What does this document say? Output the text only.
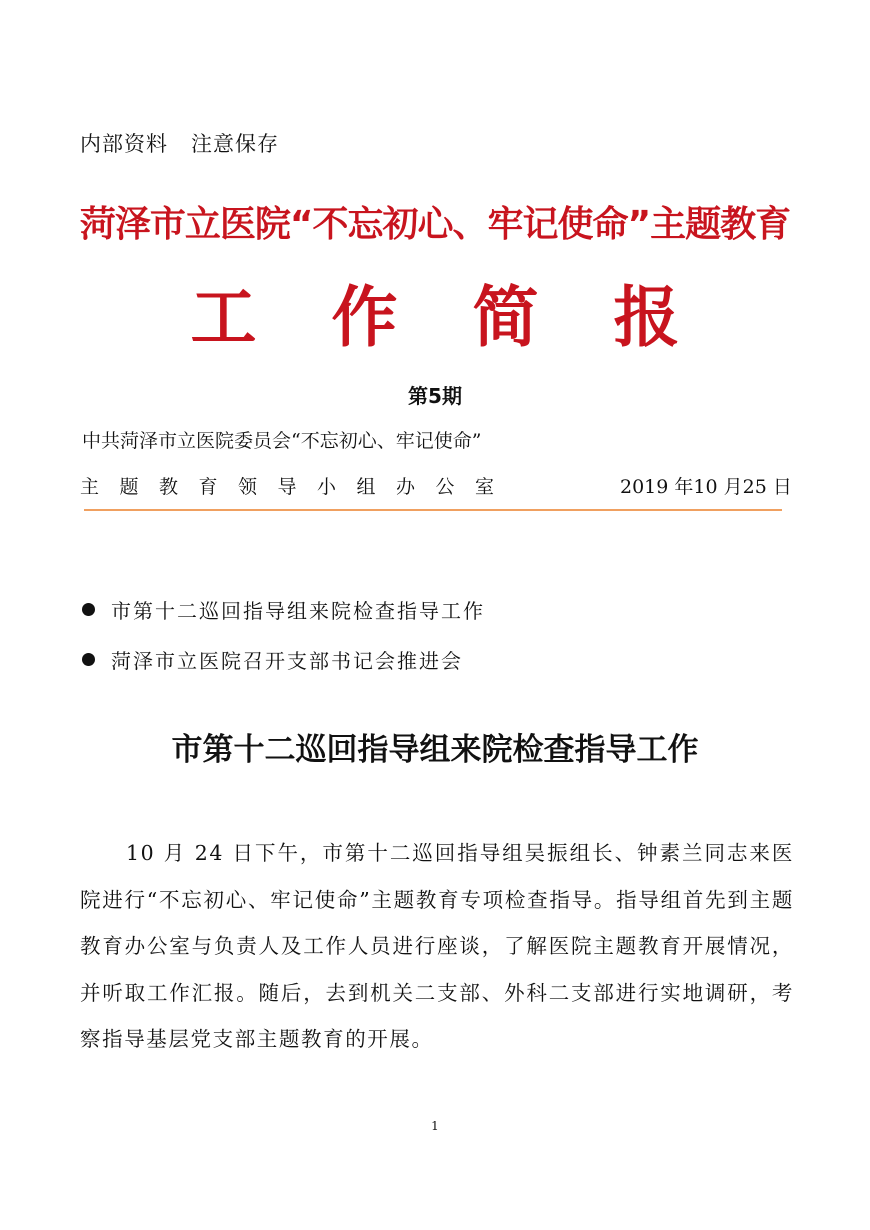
内部资料   注意保存
菏泽市立医院“不忘初心、牢记使命”主题教育
工 作 简 报
第5期
中共菏泽市立医院委员会“不忘初心、牢记使命”
主题教育领导小组办公室	2019 年10 月25 日
市第十二巡回指导组来院检查指导工作
菏泽市立医院召开支部书记会推进会
市第十二巡回指导组来院检查指导工作

10 月 24 日下午，市第十二巡回指导组吴振组长、钟素兰同志来医院进行“不忘初心、牢记使命”主题教育专项检查指导。指导组首先到主题教育办公室与负责人及工作人员进行座谈，了解医院主题教育开展情况，并听取工作汇报。随后，去到机关二支部、外科二支部进行实地调研，考察指导基层党支部主题教育的开展。

1
